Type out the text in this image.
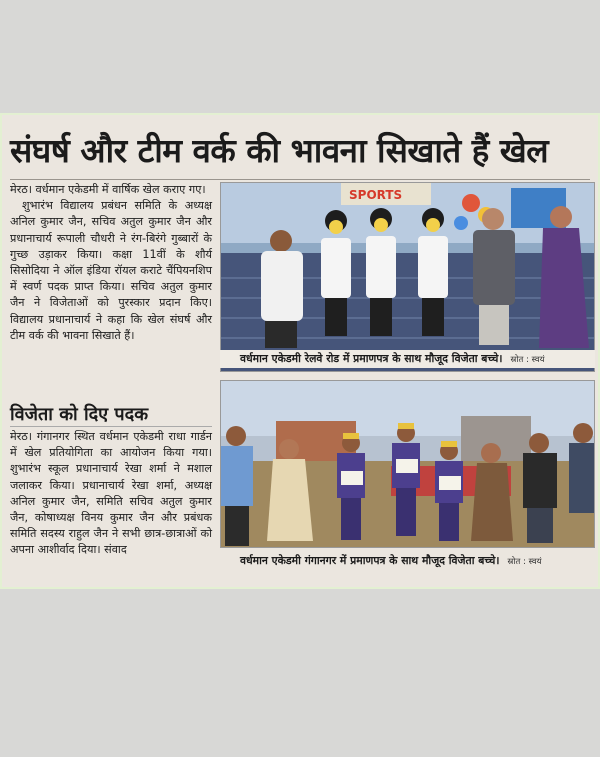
संघर्ष और टीम वर्क की भावना सिखाते हैं खेल

मेरठ। वर्धमान एकेडमी में वार्षिक खेल कराए गए।

शुभारंभ विद्यालय प्रबंधन समिति के अध्यक्ष अनिल कुमार जैन, सचिव अतुल कुमार जैन और प्रधानाचार्य रूपाली चौधरी ने रंग-बिरंगे गुब्बारों के गुच्छ उड़ाकर किया। कक्षा 11वीं के शौर्य सिसोदिया ने ऑल इंडिया रॉयल कराटे चैंपियनशिप में स्वर्ण पदक प्राप्त किया। सचिव अतुल कुमार जैन ने विजेताओं को पुरस्कार प्रदान किए। विद्यालय प्रधानाचार्य ने कहा कि खेल संघर्ष और टीम वर्क की भावना सिखाते हैं।

विजेता को दिए पदक

मेरठ। गंगानगर स्थित वर्धमान एकेडमी राधा गार्डन में खेल प्रतियोगिता का आयोजन किया गया। शुभारंभ स्कूल प्रधानाचार्य रेखा शर्मा ने मशाल जलाकर किया। प्रधानाचार्य रेखा शर्मा, अध्यक्ष अनिल कुमार जैन, समिति सचिव अतुल कुमार जैन, कोषाध्यक्ष विनय कुमार जैन और प्रबंधक समिति सदस्य राहुल जैन ने सभी छात्र-छात्राओं को अपना आशीर्वाद दिया। संवाद

SPORTS
वर्धमान एकेडमी रेलवे रोड में प्रमाणपत्र के साथ मौजूद विजेता बच्चे। स्रोत : स्वयं
वर्धमान एकेडमी गंगानगर में प्रमाणपत्र के साथ मौजूद विजेता बच्चे। स्रोत : स्वयं
